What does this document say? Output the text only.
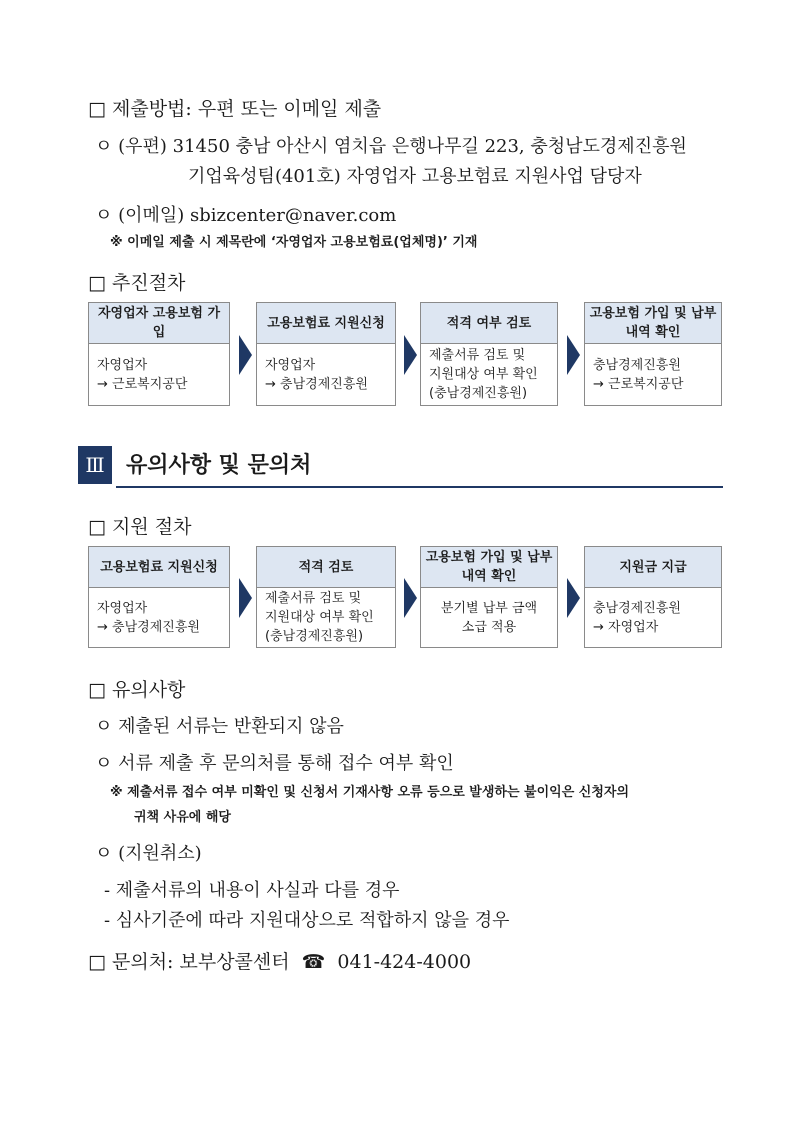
□ 제출방법: 우편 또는 이메일 제출
ㅇ (우편) 31450 충남 아산시 염치읍 은행나무길 223, 충청남도경제진흥원
기업육성팀(401호) 자영업자 고용보험료 지원사업 담당자
ㅇ (이메일) sbizcenter@naver.com
※ 이메일 제출 시 제목란에 ‘자영업자 고용보험료(업체명)’ 기재
□ 추진절차
자영업자 고용보험 가입
자영업자
→ 근로복지공단
고용보험료 지원신청
자영업자
→ 충남경제진흥원
적격 여부 검토
제출서류 검토 및
지원대상 여부 확인
(충남경제진흥원)
고용보험 가입 및 납부내역 확인
충남경제진흥원
→ 근로복지공단
Ⅲ 유의사항 및 문의처
□ 지원 절차
고용보험료 지원신청
자영업자
→ 충남경제진흥원
적격 검토
제출서류 검토 및
지원대상 여부 확인
(충남경제진흥원)
고용보험 가입 및 납부내역 확인
분기별 납부 금액
소급 적용
지원금 지급
충남경제진흥원
→ 자영업자
□ 유의사항
ㅇ 제출된 서류는 반환되지 않음
ㅇ 서류 제출 후 문의처를 통해 접수 여부 확인
※ 제출서류 접수 여부 미확인 및 신청서 기재사항 오류 등으로 발생하는 불이익은 신청자의
귀책 사유에 해당
ㅇ (지원취소)
- 제출서류의 내용이 사실과 다를 경우
- 심사기준에 따라 지원대상으로 적합하지 않을 경우
□ 문의처: 보부상콜센터 ☎ 041-424-4000
